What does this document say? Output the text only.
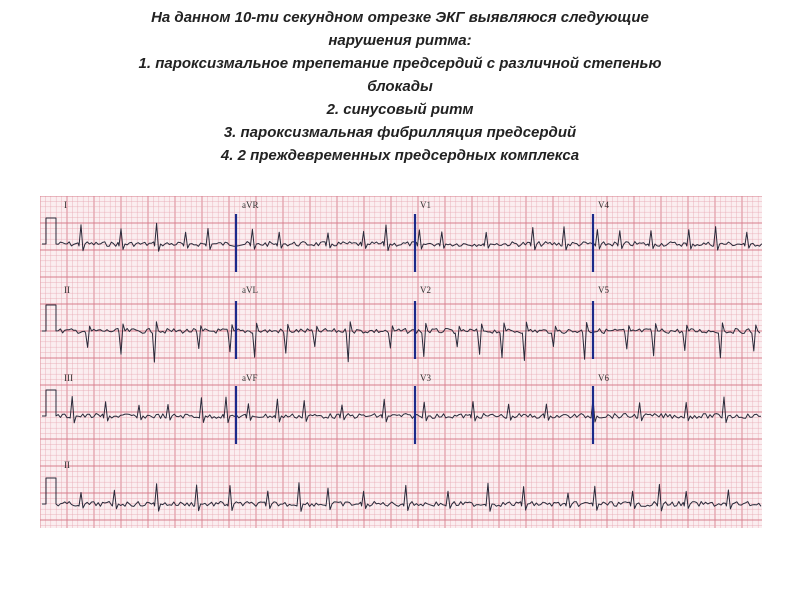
На данном 10-ти секундном отрезке ЭКГ выявляюся следующие
нарушения ритма:
1. пароксизмальное трепетание предсердий с различной степенью
блокады
2. синусовый ритм
3. пароксизмальная фибрилляция предсердий
4. 2 преждевременных предсердных комплекса
I	aVR	V1	V4
II	aVL	V2	V5
III	aVF	V3	V6
II
